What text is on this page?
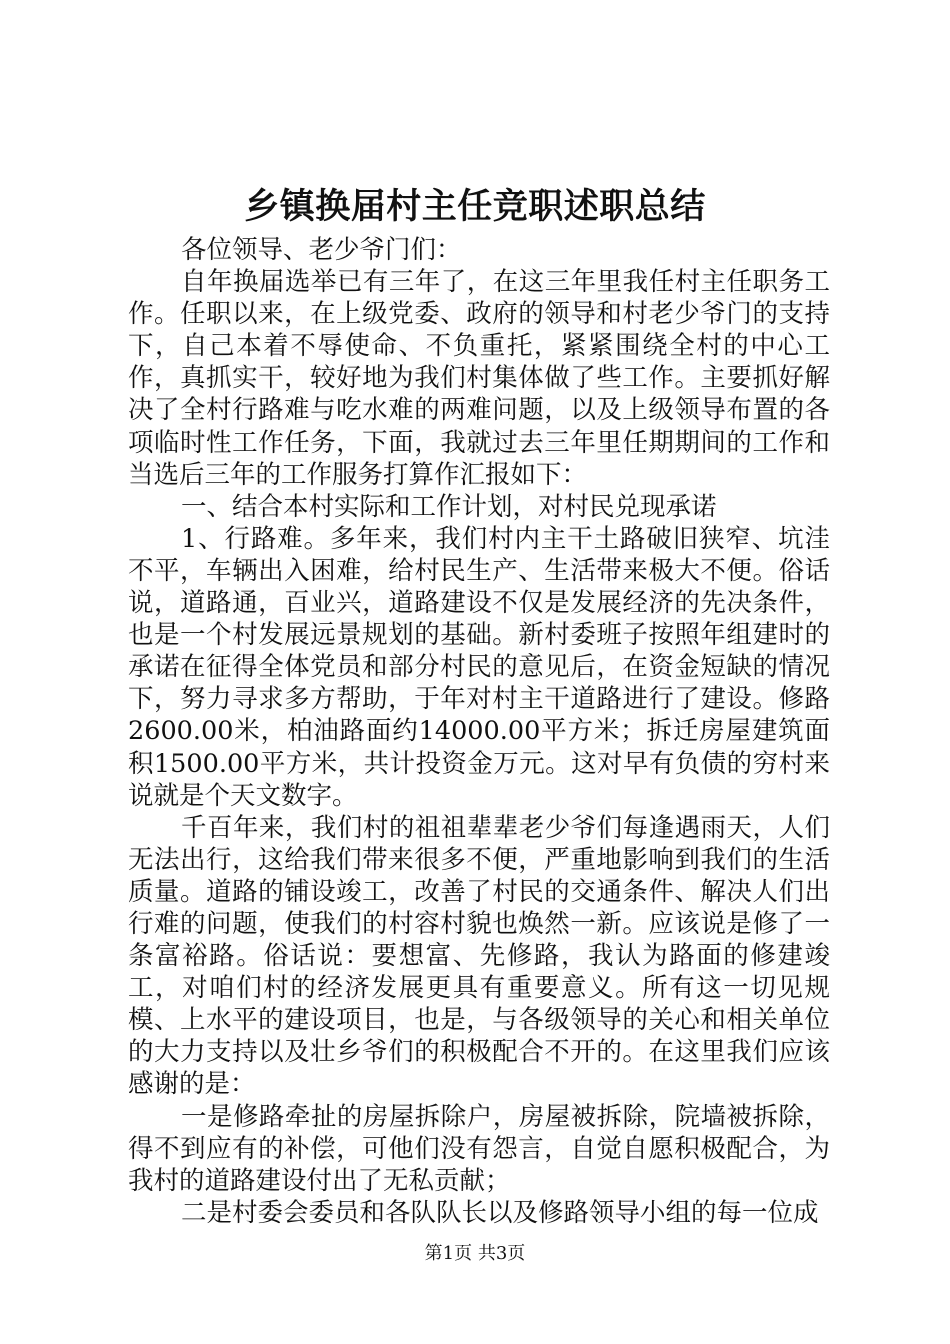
乡镇换届村主任竞职述职总结

各位领导、老少爷门们：

自年换届选举已有三年了，在这三年里我任村主任职务工作。任职以来，在上级党委、政府的领导和村老少爷门的支持下，自己本着不辱使命、不负重托，紧紧围绕全村的中心工作，真抓实干，较好地为我们村集体做了些工作。主要抓好解决了全村行路难与吃水难的两难问题，以及上级领导布置的各项临时性工作任务，下面，我就过去三年里任期期间的工作和当选后三年的工作服务打算作汇报如下：

一、结合本村实际和工作计划，对村民兑现承诺

1、行路难。多年来，我们村内主干土路破旧狭窄、坑洼不平，车辆出入困难，给村民生产、生活带来极大不便。俗话说，道路通，百业兴，道路建设不仅是发展经济的先决条件，也是一个村发展远景规划的基础。新村委班子按照年组建时的承诺在征得全体党员和部分村民的意见后，在资金短缺的情况下，努力寻求多方帮助，于年对村主干道路进行了建设。修路2600.00米，柏油路面约14000.00平方米；拆迁房屋建筑面积1500.00平方米，共计投资金万元。这对早有负债的穷村来说就是个天文数字。

千百年来，我们村的祖祖辈辈老少爷们每逢遇雨天，人们无法出行，这给我们带来很多不便，严重地影响到我们的生活质量。道路的铺设竣工，改善了村民的交通条件、解决人们出行难的问题，使我们的村容村貌也焕然一新。应该说是修了一条富裕路。俗话说：要想富、先修路，我认为路面的修建竣工，对咱们村的经济发展更具有重要意义。所有这一切见规模、上水平的建设项目，也是，与各级领导的关心和相关单位的大力支持以及壮乡爷们的积极配合不开的。在这里我们应该感谢的是：

一是修路牵扯的房屋拆除户，房屋被拆除，院墙被拆除，得不到应有的补偿，可他们没有怨言，自觉自愿积极配合，为我村的道路建设付出了无私贡献；

二是村委会委员和各队队长以及修路领导小组的每一位成

第1页 共3页
